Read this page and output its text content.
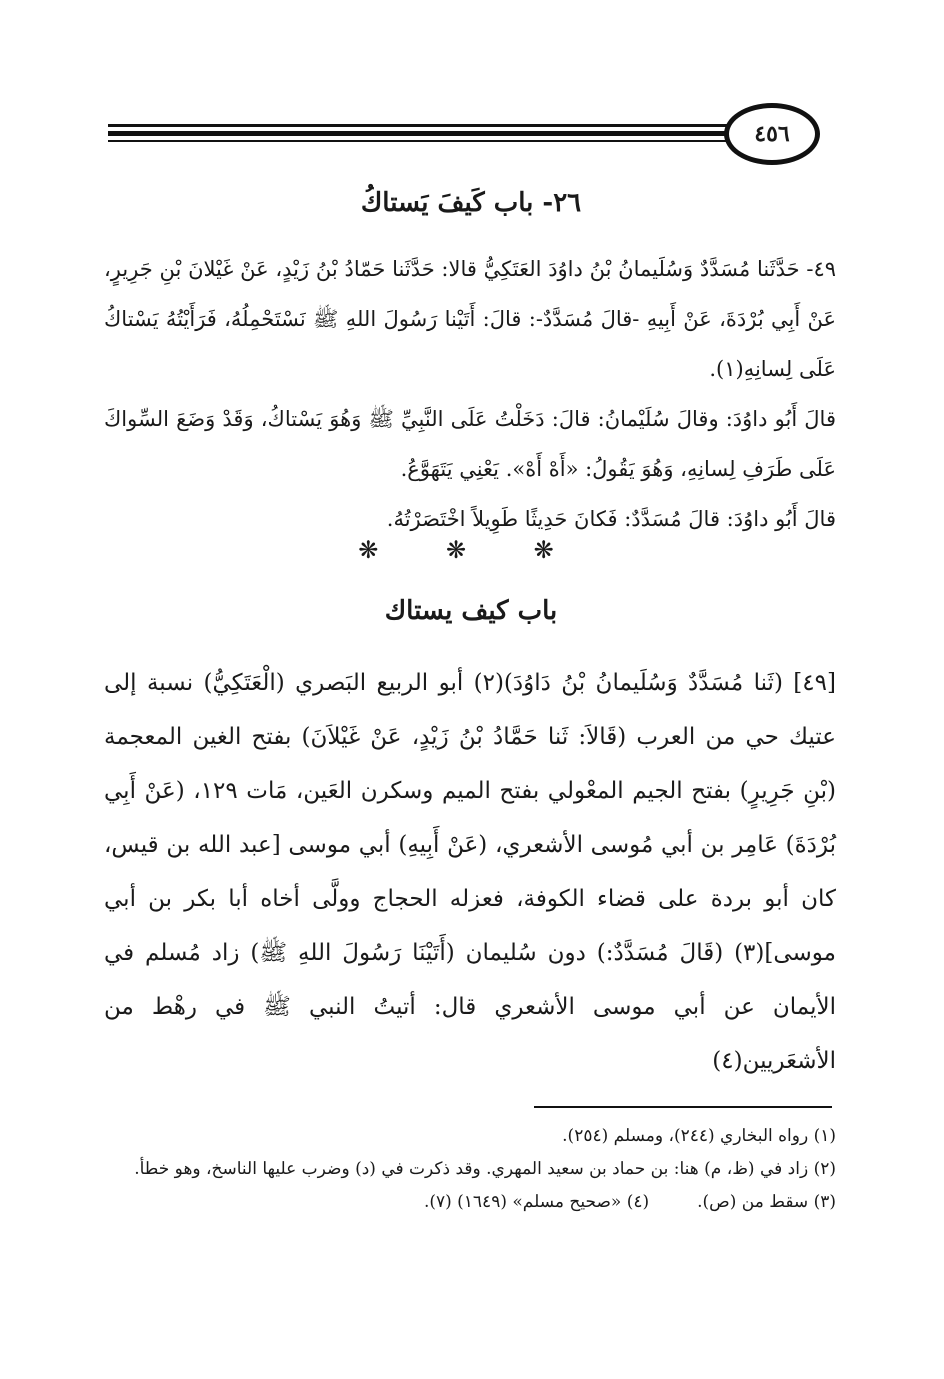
٤٥٦
٢٦- باب كَيفَ يَستاكُ

٤٩- حَدَّثَنا مُسَدَّدٌ وَسُلَيمانُ بْنُ داوُدَ العَتَكِيُّ قالا: حَدَّثَنا حَمّادُ بْنُ زَيْدٍ، عَنْ غَيْلانَ بْنِ جَرِيرٍ، عَنْ أَبِي بُرْدَةَ، عَنْ أَبِيهِ -قالَ مُسَدَّدٌ-: قالَ: أَتَيْنا رَسُولَ اللهِ ﷺ نَسْتَحْمِلُهُ، فَرَأَيْتُهُ يَسْتاكُ عَلَى لِسانِهِ(١).

قالَ أَبُو داوُدَ: وقالَ سُلَيْمانُ: قالَ: دَخَلْتُ عَلَى النَّبِيِّ ﷺ وَهُوَ يَسْتاكُ، وَقَدْ وَضَعَ السِّواكَ عَلَى طَرَفِ لِسانِهِ، وَهُوَ يَقُولُ: «أَهْ أَهْ». يَعْنِي يَتَهَوَّعُ.

قالَ أَبُو داوُدَ: قالَ مُسَدَّدٌ: فَكانَ حَدِيثًا طَوِيلاً اخْتَصَرْتُهُ.

❋ ❋ ❋
باب كيف يستاك
[٤٩] (ثَنا مُسَدَّدٌ وَسُلَيمانُ بْنُ دَاوُدَ)(٢) أبو الربيع البَصري (الْعَتَكِيُّ) نسبة إلى عتيك حي من العرب (قَالاَ: ثَنا حَمَّادُ بْنُ زَيْدٍ، عَنْ غَيْلاَنَ) بفتح الغين المعجمة (بْنِ جَرِيرٍ) بفتح الجيم المعْولي بفتح الميم وسكرن العَين، مَات ١٢٩، (عَنْ أَبِي بُرْدَةَ) عَامِر بن أبي مُوسى الأشعري، (عَنْ أَبِيهِ) أبي موسى [عبد الله بن قيس، كان أبو بردة على قضاء الكوفة، فعزله الحجاج وولَّى أخاه أبا بكر بن أبي موسى](٣) (قَالَ مُسَدَّدٌ:) دون سُليمان (أَتَيْنَا رَسُولَ اللهِ ﷺ) زاد مُسلم في الأيمان عن أبي موسى الأشعري قال: أتيتُ النبي ﷺ في رهْط من الأشعَريين(٤)

(١) رواه البخاري (٢٤٤)، ومسلم (٢٥٤).

(٢) زاد في (ظ، م) هنا: بن حماد بن سعيد المهري. وقد ذكرت في (د) وضرب عليها الناسخ، وهو خطأ.

(٣) سقط من (ص).
(٤) «صحيح مسلم» (١٦٤٩) (٧).
